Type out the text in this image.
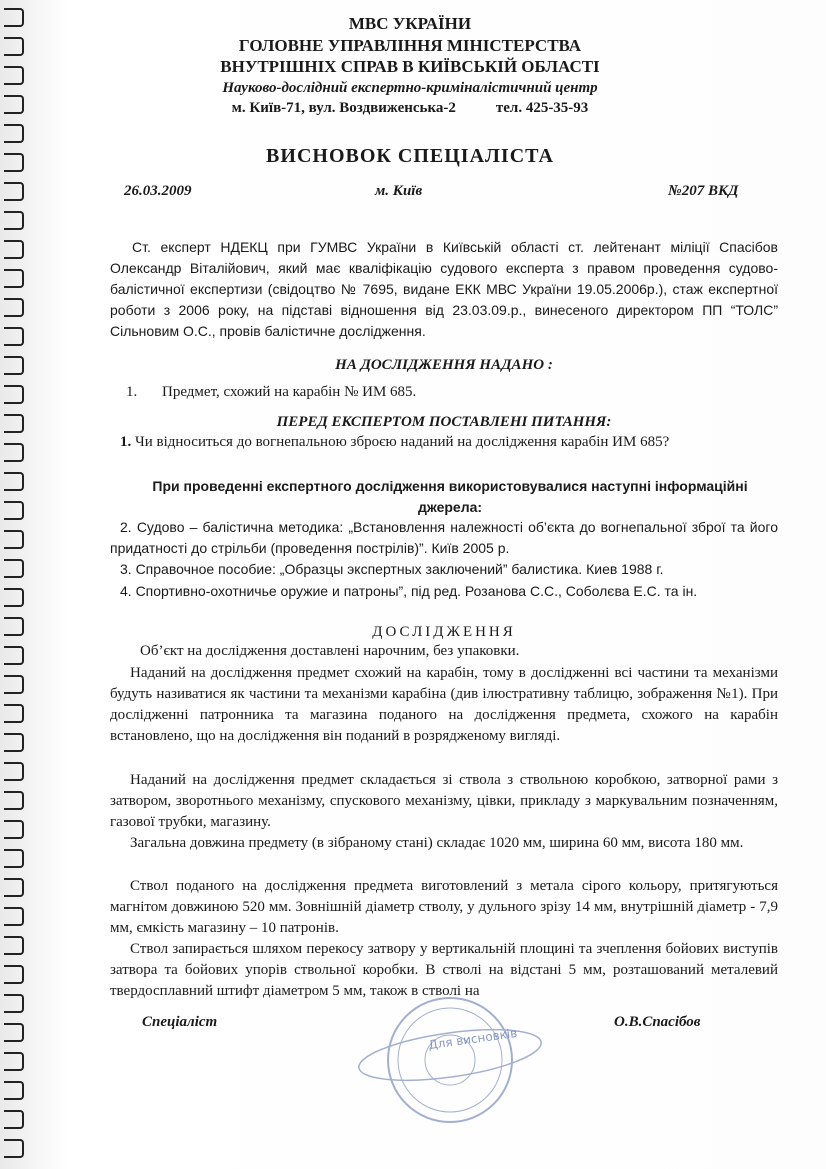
МВС УКРАЇНИ
ГОЛОВНЕ УПРАВЛІННЯ МІНІСТЕРСТВА
ВНУТРІШНІХ СПРАВ В КИЇВСЬКІЙ ОБЛАСТІ
Науково-дослідний експертно-криміналістичний центр
м. Київ-71, вул. Воздвиженська-2	тел. 425-35-93
ВИСНОВОК СПЕЦІАЛІСТА
26.03.2009	м. Київ	№207 ВКД
Ст. експерт НДЕКЦ при ГУМВС України в Київській області ст. лейтенант міліції Спасібов Олександр Віталійович, який має кваліфікацію судового експерта з правом проведення судово-балістичної експертизи (свідоцтво № 7695, видане ЕКК МВС України 19.05.2006р.), стаж експертної роботи з 2006 року, на підставі відношення від 23.03.09.р., винесеного директором ПП “ТОЛС” Сільновим О.С., провів балістичне дослідження.
НА ДОСЛІДЖЕННЯ НАДАНО :
1. Предмет, схожий на карабін № ИМ 685.
ПЕРЕД ЕКСПЕРТОМ ПОСТАВЛЕНІ ПИТАННЯ:
1. Чи відноситься до вогнепальною зброєю наданий на дослідження карабін ИМ 685?
При проведенні експертного дослідження використовувалися наступні інформаційні джерела:
2. Судово – балістична методика: „Встановлення належності об’єкта до вогнепальної зброї та його придатності до стрільби (проведення пострілів)”. Київ 2005 р.
3. Справочное пособие: „Образцы экспертных заключений” балистика. Киев 1988 г.
4. Спортивно-охотничье оружие и патроны”, під ред. Розанова С.С., Соболєва Е.С. та ін.
ДОСЛІДЖЕННЯ
Об’єкт на дослідження доставлені нарочним, без упаковки.
Наданий на дослідження предмет схожий на карабін, тому в дослідженні всі частини та механізми будуть називатися як частини та механізми карабіна (див ілюстративну таблицю, зображення №1). При дослідженні патронника та магазина поданого на дослідження предмета, схожого на карабін встановлено, що на дослідження він поданий в розрядженому вигляді.
Наданий на дослідження предмет складається зі ствола з ствольною коробкою, затворної рами з затвором, зворотнього механізму, спускового механізму, цівки, прикладу з маркувальним позначенням, газової трубки, магазину.
Загальна довжина предмету (в зібраному стані) складає 1020 мм, ширина 60 мм, висота 180 мм.
Ствол поданого на дослідження предмета виготовлений з метала сірого кольору, притягуються магнітом довжиною 520 мм. Зовнішній діаметр стволу, у дульного зрізу 14 мм, внутрішній діаметр - 7,9 мм, ємкість магазину – 10 патронів.
Ствол запирається шляхом перекосу затвору у вертикальній площині та зчеплення бойових виступів затвора та бойових упорів ствольної коробки. В стволі на відстані 5 мм, розташований металевий твердосплавний штифт діаметром 5 мм, також в стволі на
Спеціаліст	О.В.Спасібов
Для висновків
